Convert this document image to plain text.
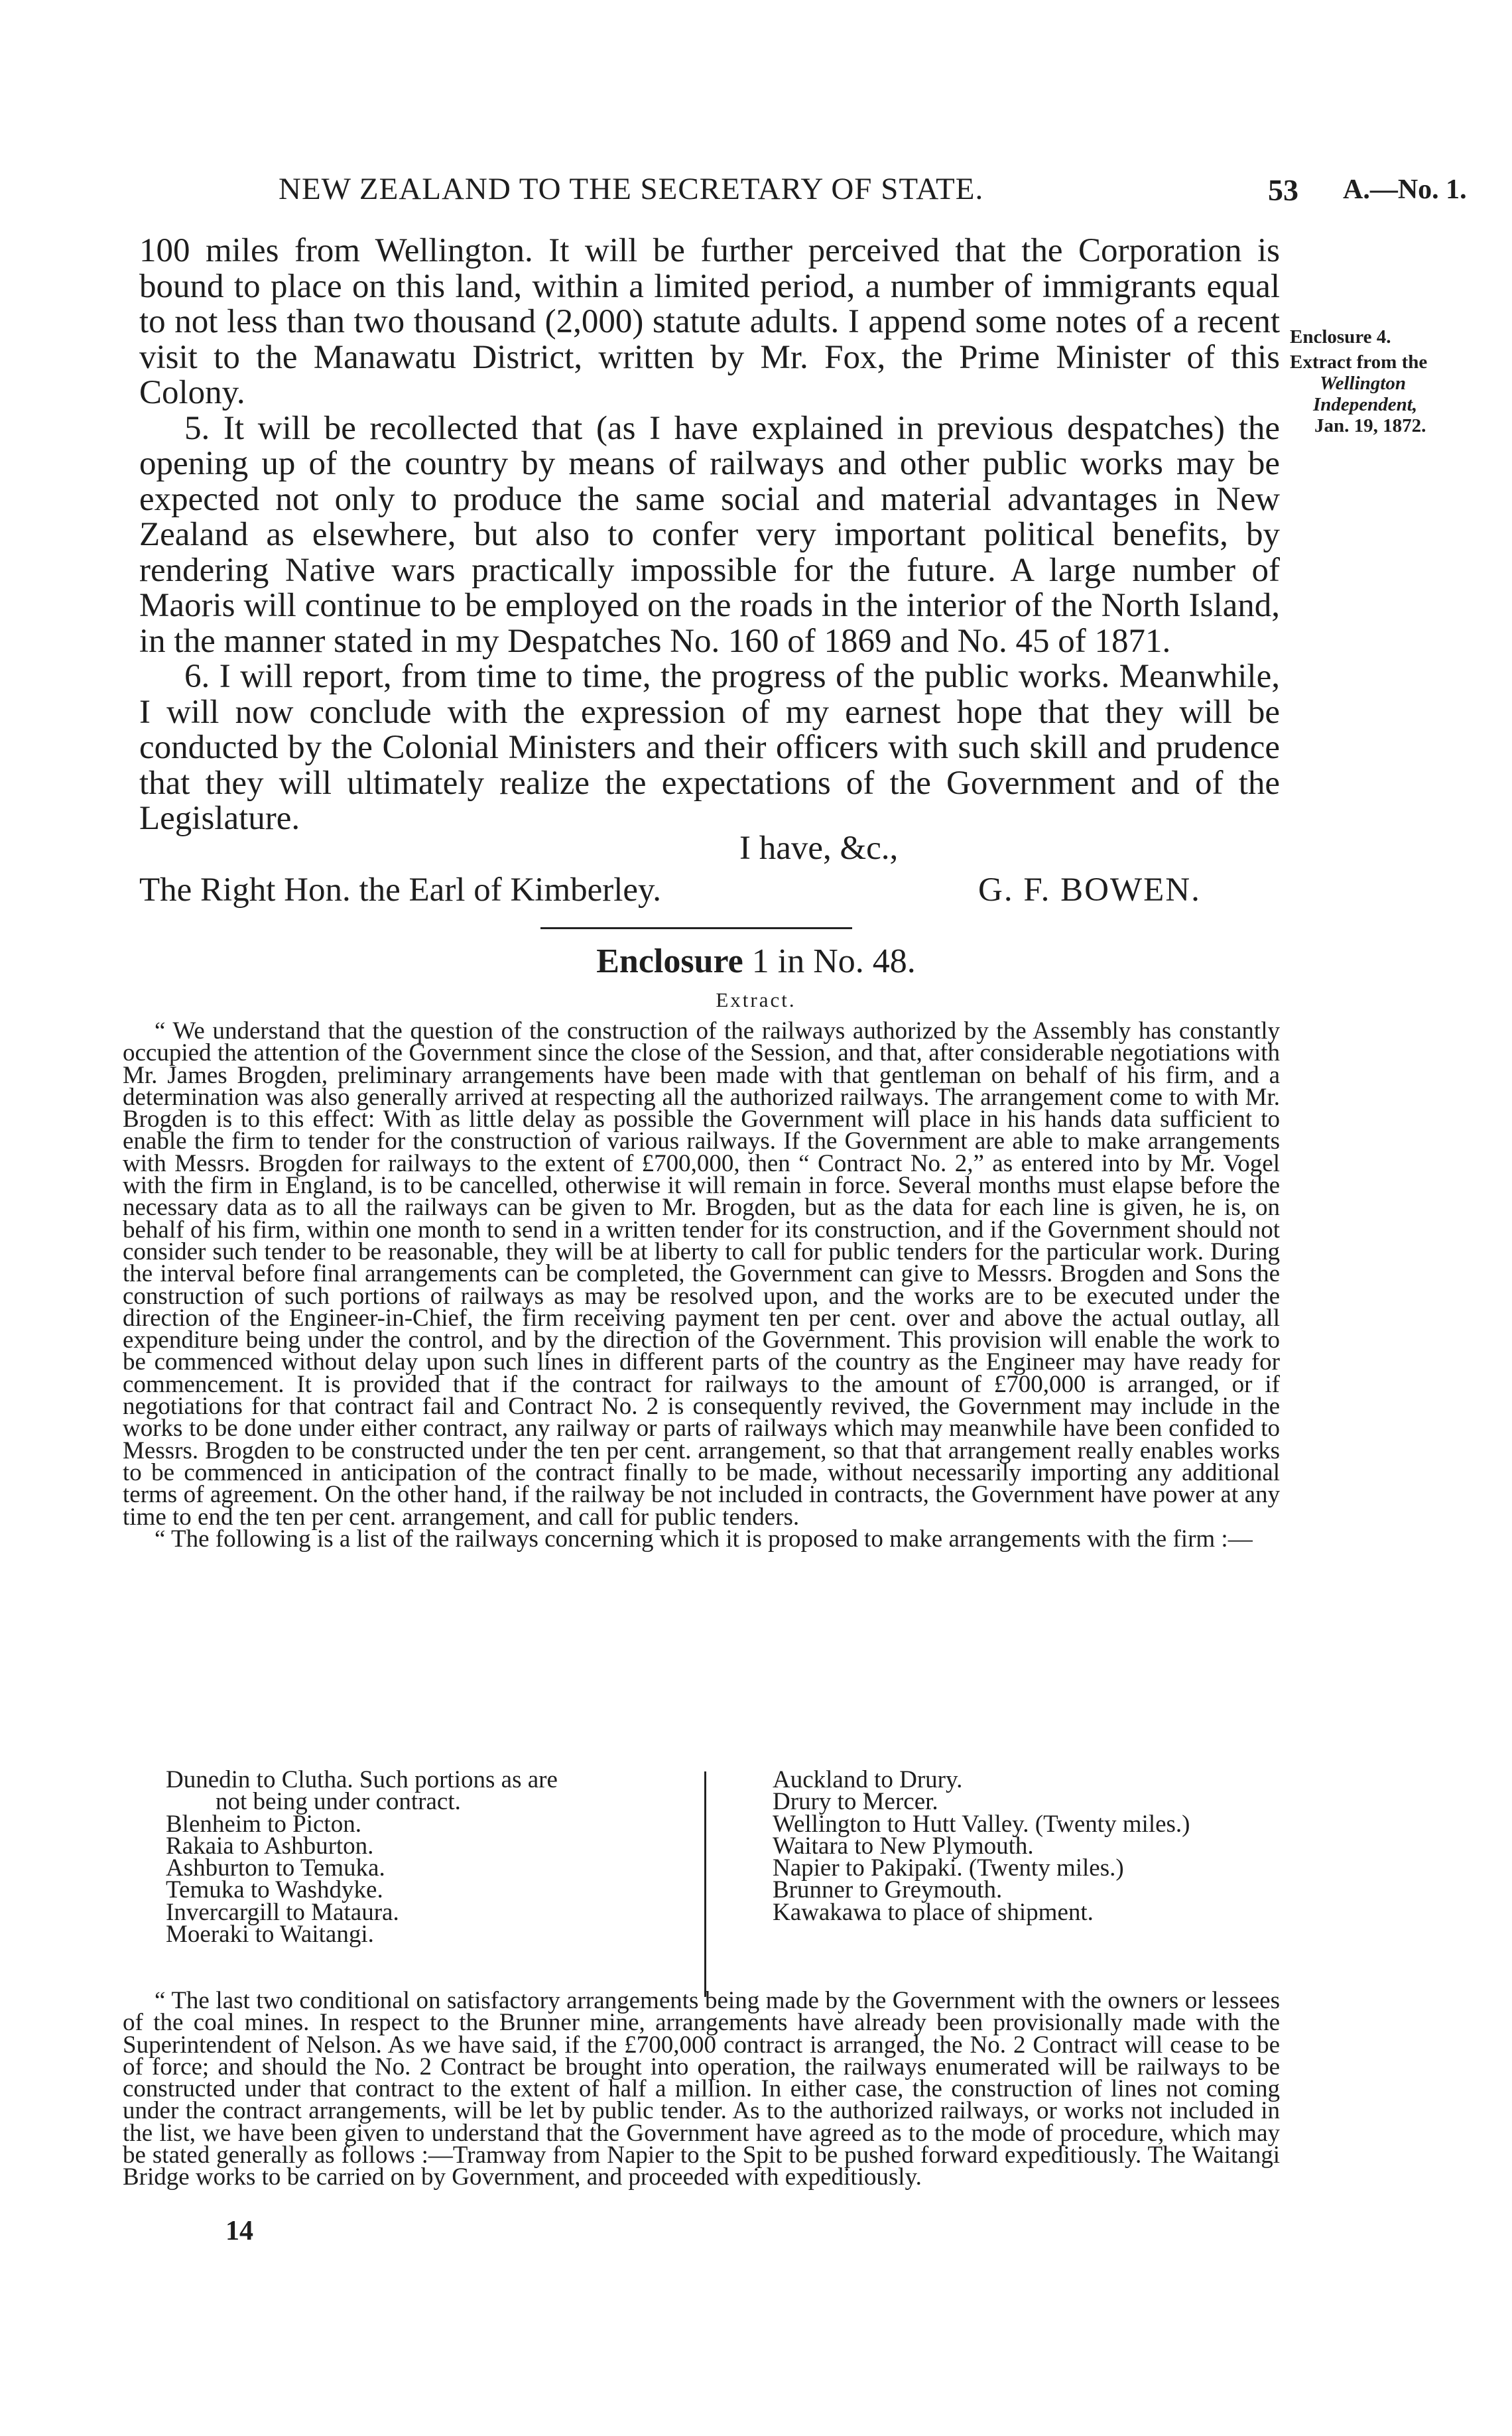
NEW ZEALAND TO THE SECRETARY OF STATE.	53 A.—No. 1.

100 miles from Wellington. It will be further perceived that the Corporation is bound to place on this land, within a limited period, a number of immigrants equal to not less than two thousand (2,000) statute adults. I append some notes of a recent visit to the Manawatu District, written by Mr. Fox, the Prime Minister of this Colony.

5. It will be recollected that (as I have explained in previous despatches) the opening up of the country by means of railways and other public works may be expected not only to produce the same social and material advantages in New Zealand as elsewhere, but also to confer very important political benefits, by rendering Native wars practically impossible for the future. A large number of Maoris will continue to be employed on the roads in the interior of the North Island, in the manner stated in my Despatches No. 160 of 1869 and No. 45 of 1871.

6. I will report, from time to time, the progress of the public works. Meanwhile, I will now conclude with the expression of my earnest hope that they will be conducted by the Colonial Ministers and their officers with such skill and prudence that they will ultimately realize the expectations of the Government and of the Legislature.

Enclosure 4.
Extract from the
Wellington
Independent,
Jan. 19, 1872.
I have, &c.,
The Right Hon. the Earl of Kimberley.	G. F. BOWEN.
Enclosure 1 in No. 48.
Extract.

“ We understand that the question of the construction of the railways authorized by the Assembly has constantly occupied the attention of the Government since the close of the Session, and that, after considerable negotiations with Mr. James Brogden, preliminary arrangements have been made with that gentleman on behalf of his firm, and a determination was also generally arrived at respecting all the authorized railways. The arrangement come to with Mr. Brogden is to this effect: With as little delay as possible the Government will place in his hands data sufficient to enable the firm to tender for the construction of various railways. If the Government are able to make arrangements with Messrs. Brogden for railways to the extent of £700,000, then “ Contract No. 2,” as entered into by Mr. Vogel with the firm in England, is to be cancelled, otherwise it will remain in force. Several months must elapse before the necessary data as to all the railways can be given to Mr. Brogden, but as the data for each line is given, he is, on behalf of his firm, within one month to send in a written tender for its construction, and if the Government should not consider such tender to be reasonable, they will be at liberty to call for public tenders for the particular work. During the interval before final arrangements can be completed, the Government can give to Messrs. Brogden and Sons the construction of such portions of railways as may be resolved upon, and the works are to be executed under the direction of the Engineer-in-Chief, the firm receiving payment ten per cent. over and above the actual outlay, all expenditure being under the control, and by the direction of the Government. This provision will enable the work to be commenced without delay upon such lines in different parts of the country as the Engineer may have ready for commencement. It is provided that if the contract for railways to the amount of £700,000 is arranged, or if negotiations for that contract fail and Contract No. 2 is consequently revived, the Government may include in the works to be done under either contract, any railway or parts of railways which may meanwhile have been confided to Messrs. Brogden to be constructed under the ten per cent. arrangement, so that that arrangement really enables works to be commenced in anticipation of the contract finally to be made, without necessarily importing any additional terms of agreement. On the other hand, if the railway be not included in contracts, the Government have power at any time to end the ten per cent. arrangement, and call for public tenders.

“ The following is a list of the railways concerning which it is proposed to make arrangements with the firm :—

Dunedin to Clutha. Such portions as are
not being under contract.
Blenheim to Picton.
Rakaia to Ashburton.
Ashburton to Temuka.
Temuka to Washdyke.
Invercargill to Mataura.
Moeraki to Waitangi.
Auckland to Drury.
Drury to Mercer.
Wellington to Hutt Valley. (Twenty miles.)
Waitara to New Plymouth.
Napier to Pakipaki. (Twenty miles.)
Brunner to Greymouth.
Kawakawa to place of shipment.

“ The last two conditional on satisfactory arrangements being made by the Government with the owners or lessees of the coal mines. In respect to the Brunner mine, arrangements have already been provisionally made with the Superintendent of Nelson. As we have said, if the £700,000 contract is arranged, the No. 2 Contract will cease to be of force; and should the No. 2 Contract be brought into operation, the railways enumerated will be railways to be constructed under that contract to the extent of half a million. In either case, the construction of lines not coming under the contract arrangements, will be let by public tender. As to the authorized railways, or works not included in the list, we have been given to understand that the Government have agreed as to the mode of procedure, which may be stated generally as follows :—Tramway from Napier to the Spit to be pushed forward expeditiously. The Waitangi Bridge works to be carried on by Government, and proceeded with expeditiously.

14
